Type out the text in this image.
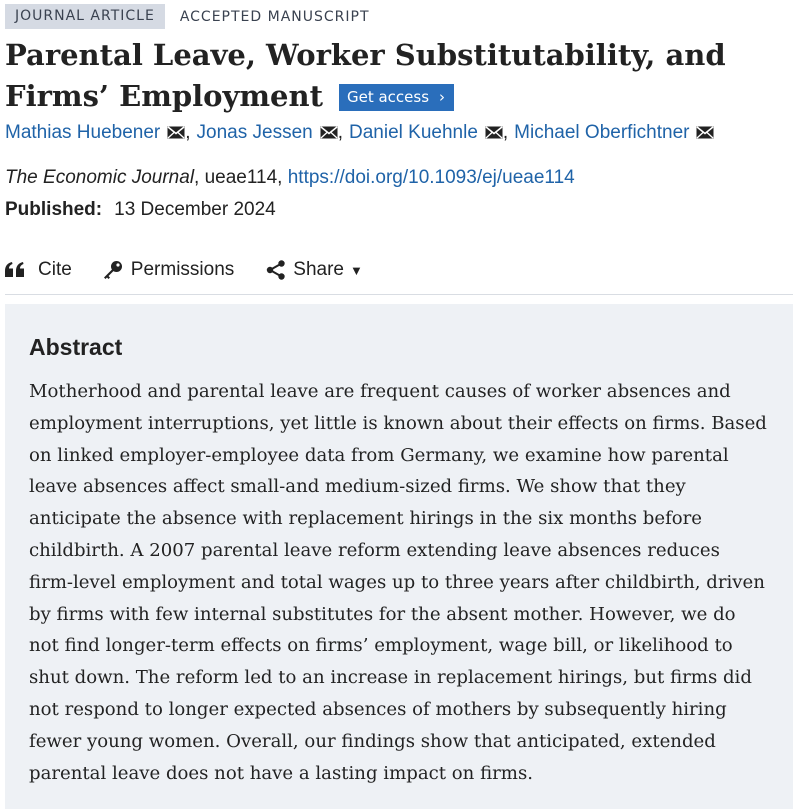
JOURNAL ARTICLE	ACCEPTED MANUSCRIPT
Parental Leave, Worker Substitutability, and Firms’ Employment Get access ›
Mathias Huebener , Jonas Jessen , Daniel Kuehnle , Michael Oberfichtner
The Economic Journal, ueae114, https://doi.org/10.1093/ej/ueae114
Published: 13 December 2024
Cite	Permissions	Share ▼
Abstract

Motherhood and parental leave are frequent causes of worker absences and employment interruptions, yet little is known about their effects on firms. Based on linked employer-employee data from Germany, we examine how parental leave absences affect small-and medium-sized firms. We show that they anticipate the absence with replacement hirings in the six months before childbirth. A 2007 parental leave reform extending leave absences reduces firm-level employment and total wages up to three years after childbirth, driven by firms with few internal substitutes for the absent mother. However, we do not find longer-term effects on firms’ employment, wage bill, or likelihood to shut down. The reform led to an increase in replacement hirings, but firms did not respond to longer expected absences of mothers by subsequently hiring fewer young women. Overall, our findings show that anticipated, extended parental leave does not have a lasting impact on firms.
